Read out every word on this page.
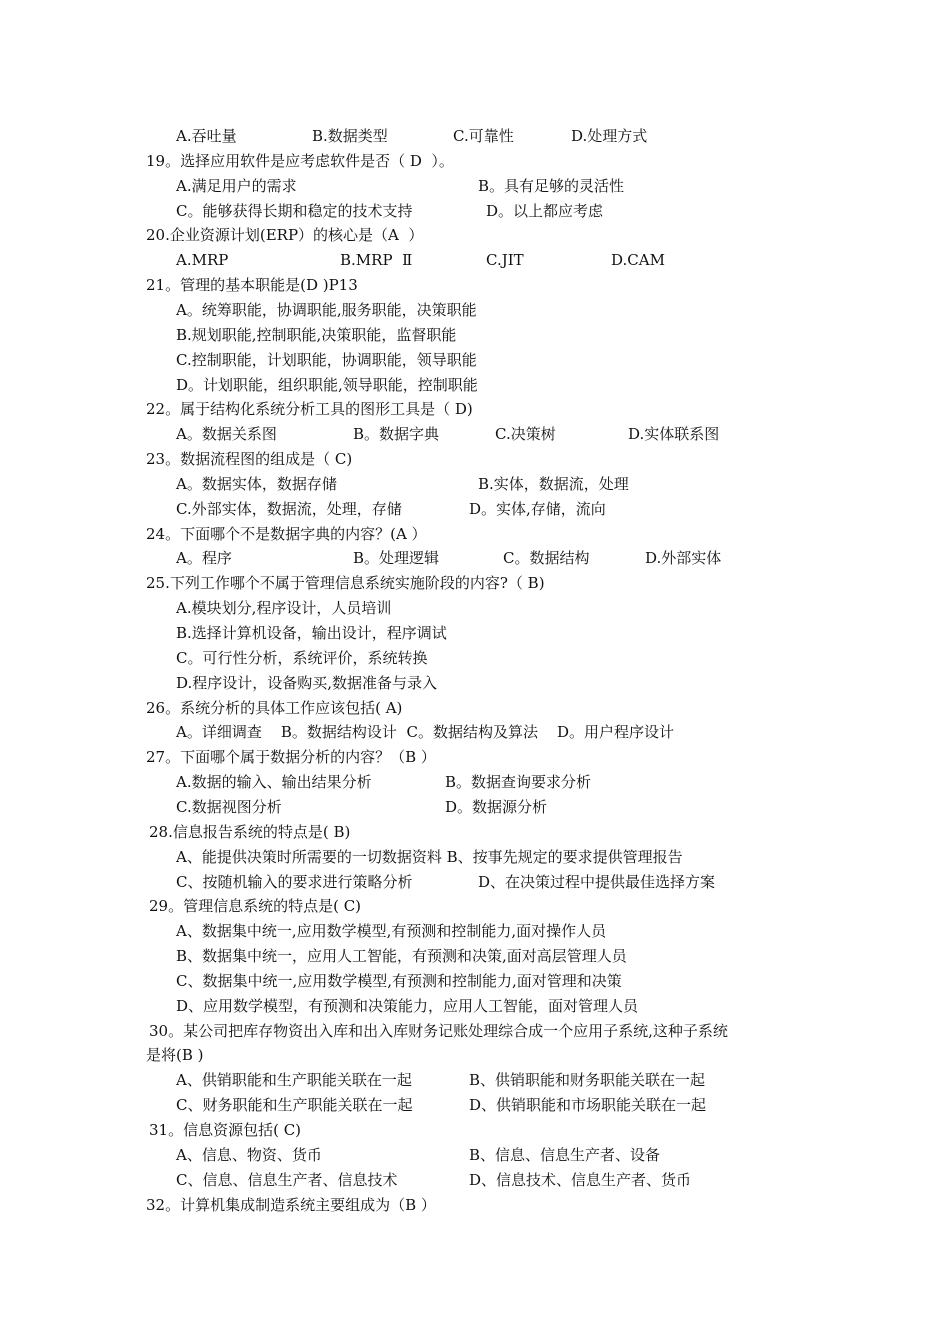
A.吞吐量	B.数据类型	C.可靠性	D.处理方式
19。选择应用软件是应考虑软件是否（ D  ）。
A.满足用户的需求	B。具有足够的灵活性
C。能够获得长期和稳定的技术支持	D。以上都应考虑
20.企业资源计划(ERP）的核心是（A  ）
A.MRP	B.MRP  Ⅱ	C.JIT	D.CAM
21。管理的基本职能是(D )P13
A。统筹职能，协调职能,服务职能，决策职能
B.规划职能,控制职能,决策职能，监督职能
C.控制职能，计划职能，协调职能，领导职能
D。计划职能，组织职能,领导职能，控制职能
22。属于结构化系统分析工具的图形工具是（ D)
A。数据关系图	B。数据字典	C.决策树	D.实体联系图
23。数据流程图的组成是（ C)
A。数据实体，数据存储	B.实体，数据流，处理
C.外部实体，数据流，处理，存储	D。实体,存储，流向
24。下面哪个不是数据字典的内容？(A ）
A。程序	B。处理逻辑	C。数据结构	D.外部实体
25.下列工作哪个不属于管理信息系统实施阶段的内容?（ B)
A.模块划分,程序设计，人员培训
B.选择计算机设备，输出设计，程序调试
C。可行性分析，系统评价，系统转换
D.程序设计，设备购买,数据准备与录入
26。系统分析的具体工作应该包括( A)
A。详细调查    B。数据结构设计  C。数据结构及算法    D。用户程序设计
27。下面哪个属于数据分析的内容？（B ）
A.数据的输入、输出结果分析	B。数据查询要求分析
C.数据视图分析	D。数据源分析
28.信息报告系统的特点是( B)
A、能提供决策时所需要的一切数据资料 B、按事先规定的要求提供管理报告
C、按随机输入的要求进行策略分析	D、在决策过程中提供最佳选择方案
29。管理信息系统的特点是( C)
A、数据集中统一,应用数学模型,有预测和控制能力,面对操作人员
B、数据集中统一，应用人工智能，有预测和决策,面对高层管理人员
C、数据集中统一,应用数学模型,有预测和控制能力,面对管理和决策
D、应用数学模型，有预测和决策能力，应用人工智能，面对管理人员
30。某公司把库存物资出入库和出入库财务记账处理综合成一个应用子系统,这种子系统
是将(B )
A、供销职能和生产职能关联在一起	B、供销职能和财务职能关联在一起
C、财务职能和生产职能关联在一起	D、供销职能和市场职能关联在一起
31。信息资源包括( C)
A、信息、物资、货币	B、信息、信息生产者、设备
C、信息、信息生产者、信息技术	D、信息技术、信息生产者、货币
32。计算机集成制造系统主要组成为（B ）
